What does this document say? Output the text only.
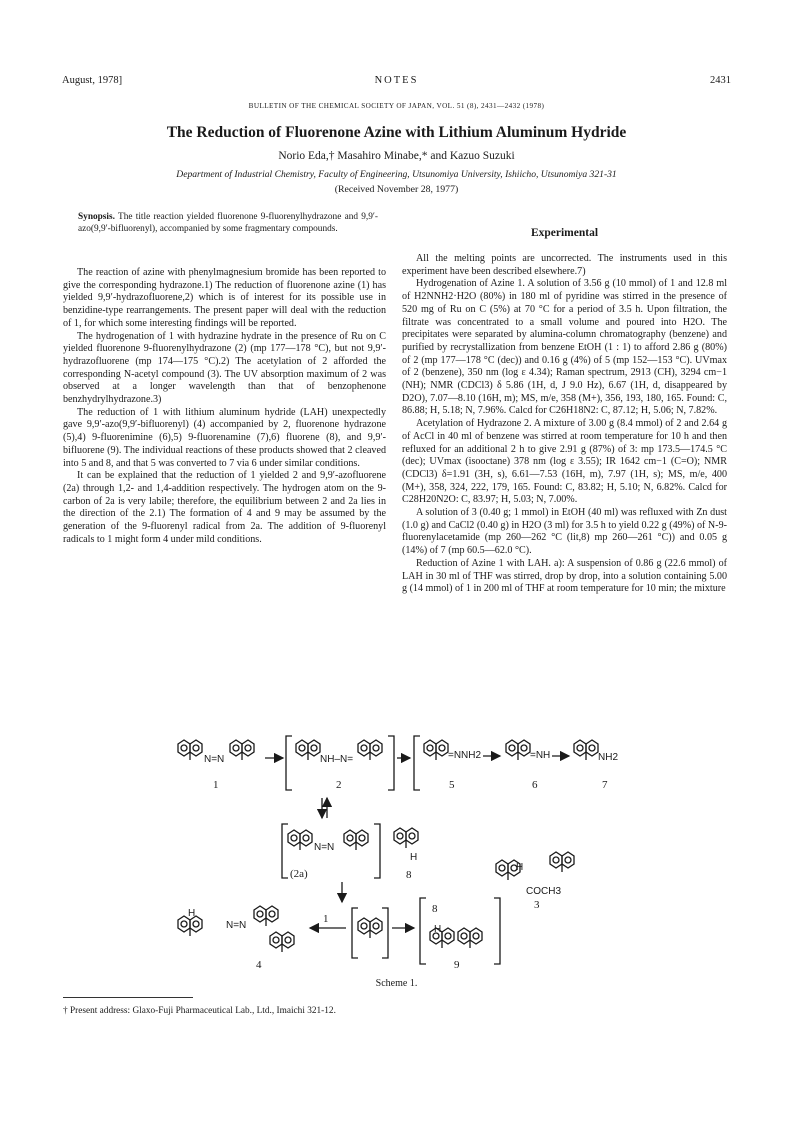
August, 1978]	NOTES	2431
BULLETIN OF THE CHEMICAL SOCIETY OF JAPAN, VOL. 51 (8), 2431—2432 (1978)
The Reduction of Fluorenone Azine with Lithium Aluminum Hydride
Norio Eda,† Masahiro Minabe,* and Kazuo Suzuki
Department of Industrial Chemistry, Faculty of Engineering, Utsunomiya University, Ishiicho, Utsunomiya 321-31
(Received November 28, 1977)
Synopsis. The title reaction yielded fluorenone 9-fluorenylhydrazone and 9,9′-azo(9,9′-bifluorenyl), accompanied by some fragmentary compounds.

The reaction of azine with phenylmagnesium bromide has been reported to give the corresponding hydrazone.1) The reduction of fluorenone azine (1) has yielded 9,9′-hydrazofluorene,2) which is of interest for its possible use in benzidine-type rearrangements. The present paper will deal with the reduction of 1, for which some interesting findings will be reported.

The hydrogenation of 1 with hydrazine hydrate in the presence of Ru on C yielded fluorenone 9-fluorenylhydrazone (2) (mp 177—178 °C), but not 9,9′-hydrazofluorene (mp 174—175 °C).2) The acetylation of 2 afforded the corresponding N-acetyl compound (3). The UV absorption maximum of 2 was observed at a longer wavelength than that of benzophenone benzhydrylhydrazone.3)

The reduction of 1 with lithium aluminum hydride (LAH) unexpectedly gave 9,9′-azo(9,9′-bifluorenyl) (4) accompanied by 2, fluorenone hydrazone (5),4) 9-fluorenimine (6),5) 9-fluorenamine (7),6) fluorene (8), and 9,9′-bifluorene (9). The individual reactions of these products showed that 2 cleaved into 5 and 8, and that 5 was converted to 7 via 6 under similar conditions.

It can be explained that the reduction of 1 yielded 2 and 9,9′-azofluorene (2a) through 1,2- and 1,4-addition respectively. The hydrogen atom on the 9-carbon of 2a is very labile; therefore, the equilibrium between 2 and 2a lies in the direction of the 2.1) The formation of 4 and 9 may be assumed by the generation of the 9-fluorenyl radical from 2a. The addition of 9-fluorenyl radicals to 1 might form 4 under mild conditions.

Experimental

All the melting points are uncorrected. The instruments used in this experiment have been described elsewhere.7)

Hydrogenation of Azine 1. A solution of 3.56 g (10 mmol) of 1 and 12.8 ml of H2NNH2·H2O (80%) in 180 ml of pyridine was stirred in the presence of 520 mg of Ru on C (5%) at 70 °C for a period of 3.5 h. Upon filtration, the filtrate was concentrated to a small volume and poured into H2O. The precipitates were separated by alumina-column chromatography (benzene) and purified by recrystallization from benzene EtOH (1 : 1) to afford 2.86 g (80%) of 2 (mp 177—178 °C (dec)) and 0.16 g (4%) of 5 (mp 152—153 °C). UVmax of 2 (benzene), 350 nm (log ε 4.34); Raman spectrum, 2913 (CH), 3294 cm−1 (NH); NMR (CDCl3) δ 5.86 (1H, d, J 9.0 Hz), 6.67 (1H, d, disappeared by D2O), 7.07—8.10 (16H, m); MS, m/e, 358 (M+), 356, 193, 180, 165. Found: C, 86.88; H, 5.18; N, 7.96%. Calcd for C26H18N2: C, 87.12; H, 5.06; N, 7.82%.

Acetylation of Hydrazone 2. A mixture of 3.00 g (8.4 mmol) of 2 and 2.64 g of AcCl in 40 ml of benzene was stirred at room temperature for 10 h and then refluxed for an additional 2 h to give 2.91 g (87%) of 3: mp 173.5—174.5 °C (dec); UVmax (isooctane) 378 nm (log ε 3.55); IR 1642 cm−1 (C=O); NMR (CDCl3) δ=1.91 (3H, s), 6.61—7.53 (16H, m), 7.97 (1H, s); MS, m/e, 400 (M+), 358, 324, 222, 179, 165. Found: C, 83.82; H, 5.10; N, 6.82%. Calcd for C28H20N2O: C, 83.97; H, 5.03; N, 7.00%.

A solution of 3 (0.40 g; 1 mmol) in EtOH (40 ml) was refluxed with Zn dust (1.0 g) and CaCl2 (0.40 g) in H2O (3 ml) for 3.5 h to yield 0.22 g (49%) of N-9-fluorenylacetamide (mp 260—262 °C (lit,8) mp 260—261 °C)) and 0.05 g (14%) of 7 (mp 60.5—62.0 °C).

Reduction of Azine 1 with LAH. a): A suspension of 0.86 g (22.6 mmol) of LAH in 30 ml of THF was stirred, drop by drop, into a solution containing 5.00 g (14 mmol) of 1 in 200 ml of THF at room temperature for 10 min; the mixture

N=N
1
NH–N=
2
=NNH2
5
=NH
6
NH2
7
N=N
(2a)
H
8
H
COCH3
3
H
N=N
4
1
8
H
9
Scheme 1.
† Present address: Glaxo-Fuji Pharmaceutical Lab., Ltd., Imaichi 321-12.
